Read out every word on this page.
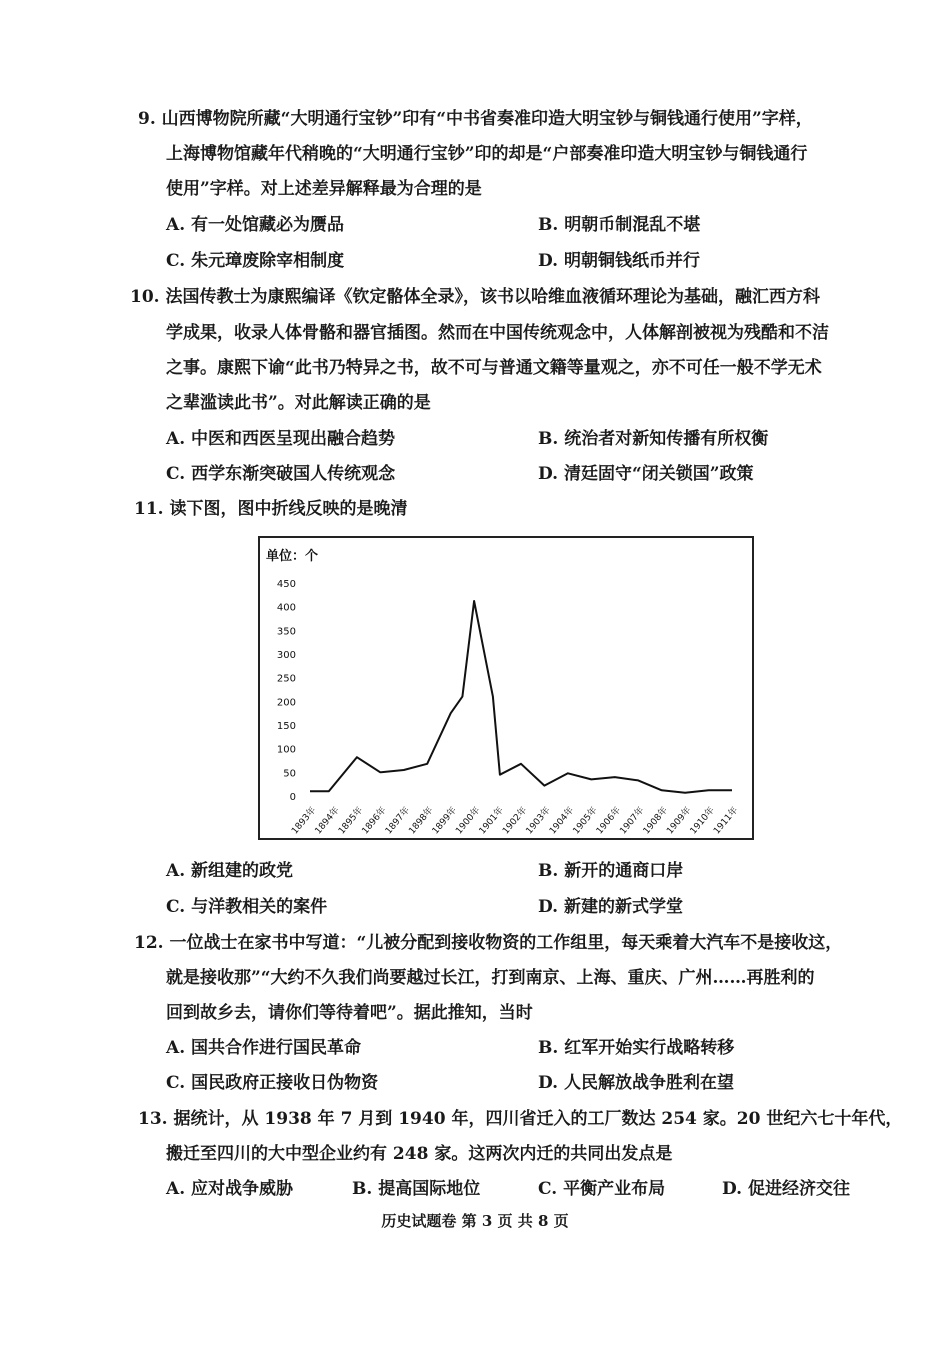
9. 山西博物院所藏“大明通行宝钞”印有“中书省奏准印造大明宝钞与铜钱通行使用”字样，
上海博物馆藏年代稍晚的“大明通行宝钞”印的却是“户部奏准印造大明宝钞与铜钱通行
使用”字样。对上述差异解释最为合理的是
A. 有一处馆藏必为赝品	B. 明朝币制混乱不堪
C. 朱元璋废除宰相制度	D. 明朝铜钱纸币并行
10. 法国传教士为康熙编译《钦定骼体全录》，该书以哈维血液循环理论为基础，融汇西方科
学成果，收录人体骨骼和器官插图。然而在中国传统观念中，人体解剖被视为残酷和不洁
之事。康熙下谕“此书乃特异之书，故不可与普通文籍等量观之，亦不可任一般不学无术
之辈滥读此书”。对此解读正确的是
A. 中医和西医呈现出融合趋势	B. 统治者对新知传播有所权衡
C. 西学东渐突破国人传统观念	D. 清廷固守“闭关锁国”政策
11. 读下图，图中折线反映的是晚清
单位：个
0
50
100
150
200
250
300
350
400
450
1893年
1894年
1895年
1896年
1897年
1898年
1899年
1900年
1901年
1902年
1903年
1904年
1905年
1906年
1907年
1908年
1909年
1910年
1911年
A. 新组建的政党	B. 新开的通商口岸
C. 与洋教相关的案件	D. 新建的新式学堂
12. 一位战士在家书中写道：“儿被分配到接收物资的工作组里，每天乘着大汽车不是接收这，
就是接收那”“大约不久我们尚要越过长江，打到南京、上海、重庆、广州……再胜利的
回到故乡去，请你们等待着吧”。据此推知，当时
A. 国共合作进行国民革命	B. 红军开始实行战略转移
C. 国民政府正接收日伪物资	D. 人民解放战争胜利在望
13. 据统计，从 1938 年 7 月到 1940 年，四川省迁入的工厂数达 254 家。20 世纪六七十年代，
搬迁至四川的大中型企业约有 248 家。这两次内迁的共同出发点是
A. 应对战争威胁	B. 提高国际地位	C. 平衡产业布局	D. 促进经济交往
历史试题卷 第 3 页 共 8 页
